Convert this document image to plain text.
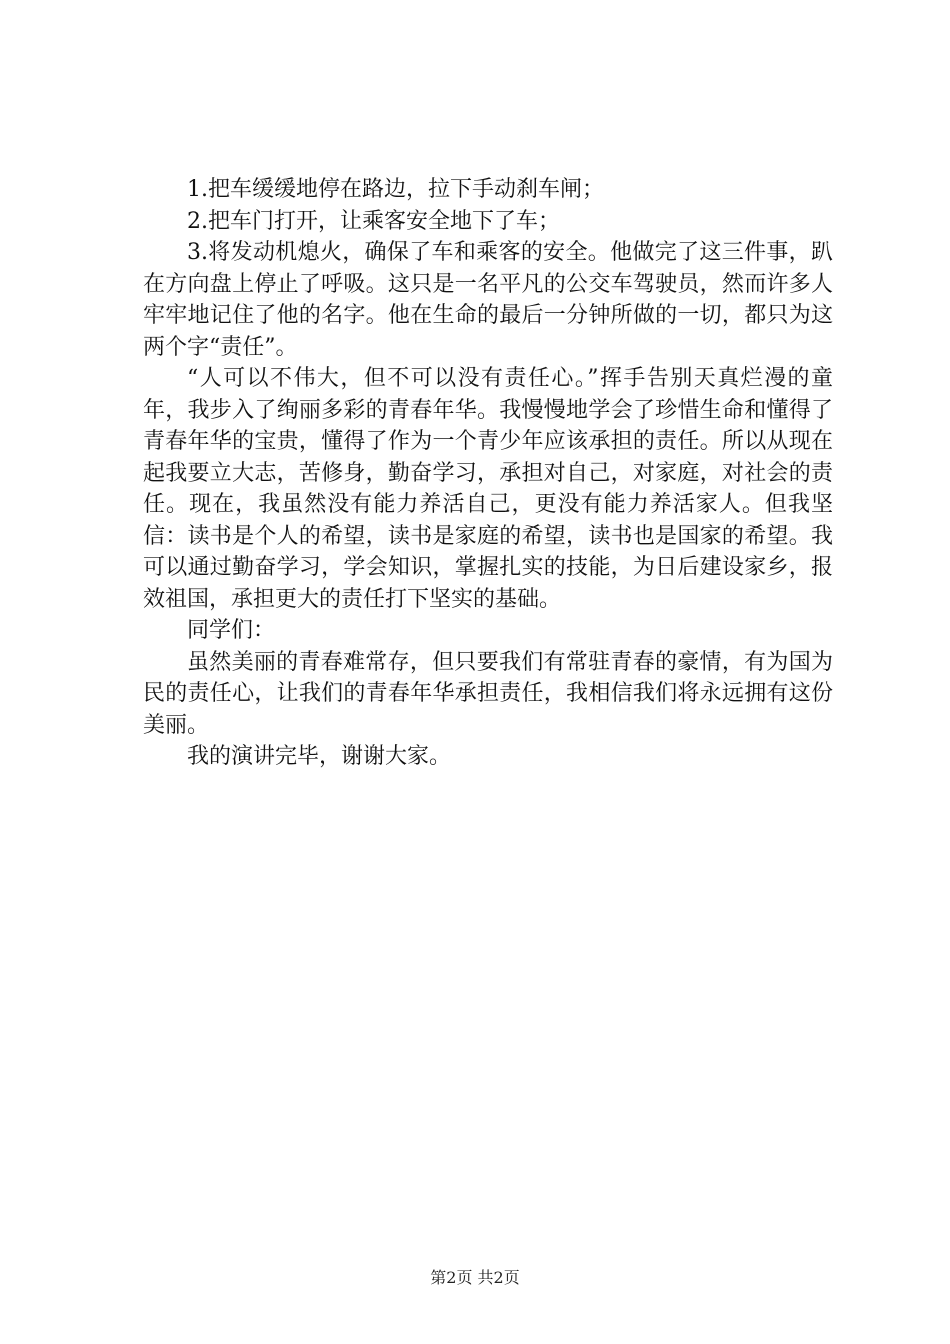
1.把车缓缓地停在路边，拉下手动刹车闸；

2.把车门打开，让乘客安全地下了车；

3.将发动机熄火，确保了车和乘客的安全。他做完了这三件事，趴在方向盘上停止了呼吸。这只是一名平凡的公交车驾驶员，然而许多人牢牢地记住了他的名字。他在生命的最后一分钟所做的一切，都只为这两个字“责任”。

“人可以不伟大，但不可以没有责任心。”挥手告别天真烂漫的童年，我步入了绚丽多彩的青春年华。我慢慢地学会了珍惜生命和懂得了青春年华的宝贵，懂得了作为一个青少年应该承担的责任。所以从现在起我要立大志，苦修身，勤奋学习，承担对自己，对家庭，对社会的责任。现在，我虽然没有能力养活自己，更没有能力养活家人。但我坚信：读书是个人的希望，读书是家庭的希望，读书也是国家的希望。我可以通过勤奋学习，学会知识，掌握扎实的技能，为日后建设家乡，报效祖国，承担更大的责任打下坚实的基础。

同学们：

虽然美丽的青春难常存，但只要我们有常驻青春的豪情，有为国为民的责任心，让我们的青春年华承担责任，我相信我们将永远拥有这份美丽。

我的演讲完毕，谢谢大家。

第2页 共2页
